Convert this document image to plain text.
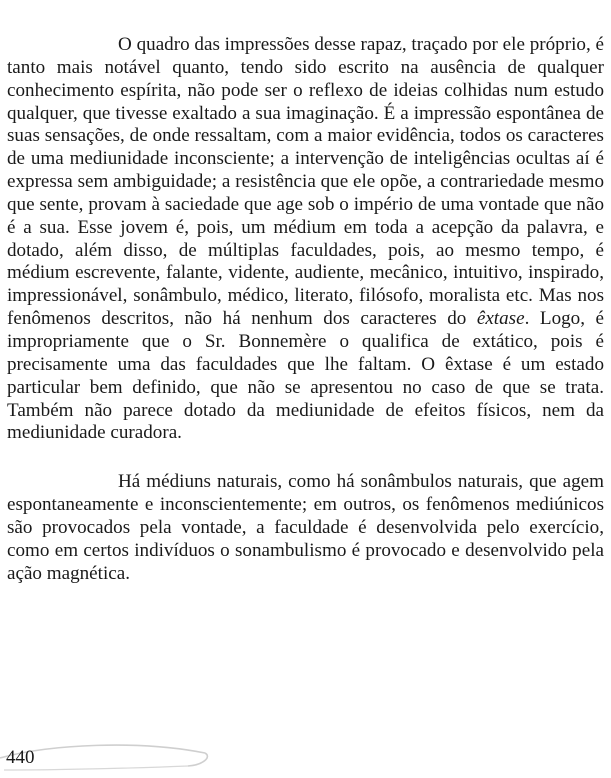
O quadro das impressões desse rapaz, traçado por ele próprio, é tanto mais notável quanto, tendo sido escrito na ausência de qualquer conhecimento espírita, não pode ser o reflexo de ideias colhidas num estudo qualquer, que tivesse exaltado a sua imaginação. É a impressão espontânea de suas sensações, de onde ressaltam, com a maior evidência, todos os caracteres de uma mediunidade inconsciente; a intervenção de inteligências ocultas aí é expressa sem ambiguidade; a resistência que ele opõe, a contrariedade mesmo que sente, provam à saciedade que age sob o império de uma vontade que não é a sua. Esse jovem é, pois, um médium em toda a acepção da palavra, e dotado, além disso, de múltiplas faculdades, pois, ao mesmo tempo, é médium escrevente, falante, vidente, audiente, mecânico, intuitivo, inspirado, impressionável, sonâmbulo, médico, literato, filósofo, moralista etc. Mas nos fenômenos descritos, não há nenhum dos caracteres do êxtase. Logo, é impropriamente que o Sr. Bonnemère o qualifica de extático, pois é precisamente uma das faculdades que lhe faltam. O êxtase é um estado particular bem definido, que não se apresentou no caso de que se trata. Também não parece dotado da mediunidade de efeitos físicos, nem da mediunidade curadora.

Há médiuns naturais, como há sonâmbulos naturais, que agem espontaneamente e inconscientemente; em outros, os fenômenos mediúnicos são provocados pela vontade, a faculdade é desenvolvida pelo exercício, como em certos indivíduos o sonambulismo é provocado e desenvolvido pela ação magnética.

440
